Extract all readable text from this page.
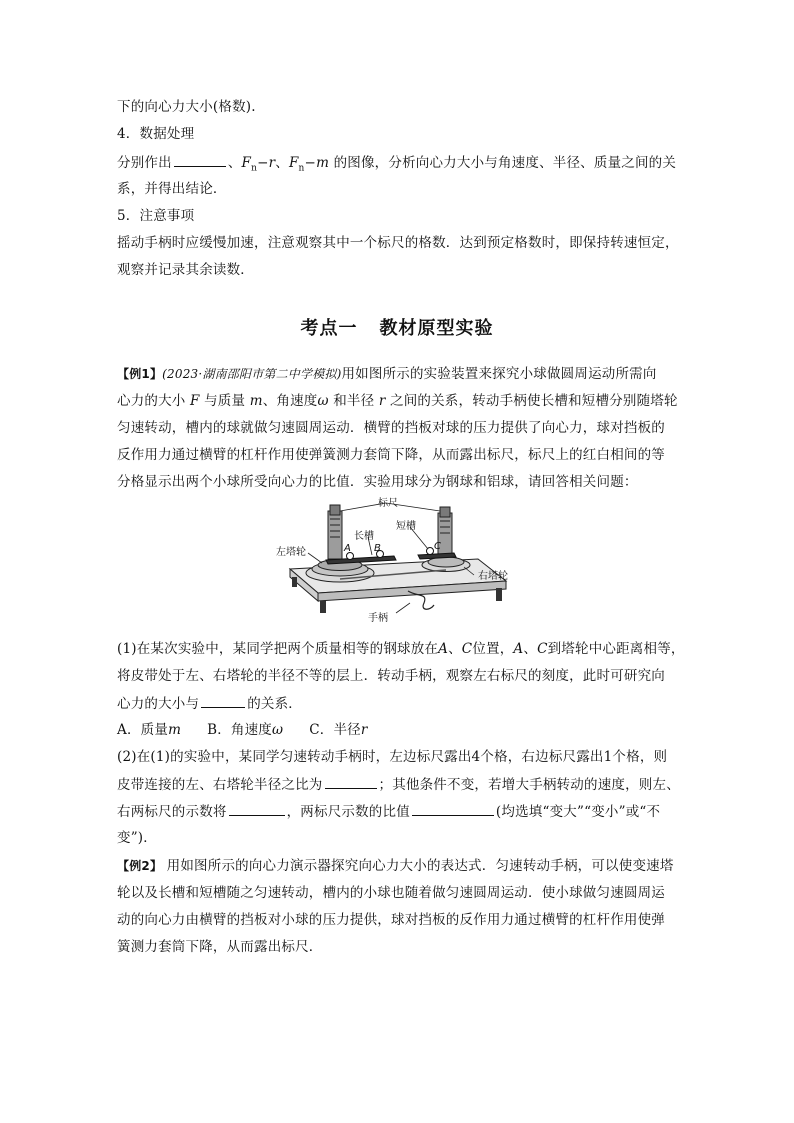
下的向心力大小(格数).
4．数据处理
分别作出	、$F_n-r$、$F_n-m$ 的图像，分析向心力大小与角速度、半径、质量之间的关
系，并得出结论．
5．注意事项
摇动手柄时应缓慢加速，注意观察其中一个标尺的格数．达到预定格数时，即保持转速恒定，
观察并记录其余读数．
考点一 教材原型实验
【例1】(2023·湖南邵阳市第二中学模拟)用如图所示的实验装置来探究小球做圆周运动所需向
心力的大小 F 与质量 m、角速度ω 和半径 r 之间的关系，转动手柄使长槽和短槽分别随塔轮
匀速转动，槽内的球就做匀速圆周运动．横臂的挡板对球的压力提供了向心力，球对挡板的
反作用力通过横臂的杠杆作用使弹簧测力套筒下降，从而露出标尺，标尺上的红白相间的等
分格显示出两个小球所受向心力的比值．实验用球分为钢球和铝球，请回答相关问题：
标尺
长槽
短槽
左塔轮
右塔轮
手柄
A B	C
(1)在某次实验中，某同学把两个质量相等的钢球放在A、C位置，A、C到塔轮中心距离相等，
将皮带处于左、右塔轮的半径不等的层上．转动手柄，观察左右标尺的刻度，此时可研究向
心力的大小与	的关系．
A．质量m B．角速度ω C．半径r
(2)在(1)的实验中，某同学匀速转动手柄时，左边标尺露出4个格，右边标尺露出1个格，则
皮带连接的左、右塔轮半径之比为	；其他条件不变，若增大手柄转动的速度，则左、
右两标尺的示数将	，两标尺示数的比值	(均选填“变大”“变小”或“不
变”)．
【例2】 用如图所示的向心力演示器探究向心力大小的表达式．匀速转动手柄，可以使变速塔
轮以及长槽和短槽随之匀速转动，槽内的小球也随着做匀速圆周运动．使小球做匀速圆周运
动的向心力由横臂的挡板对小球的压力提供，球对挡板的反作用力通过横臂的杠杆作用使弹
簧测力套筒下降，从而露出标尺．
